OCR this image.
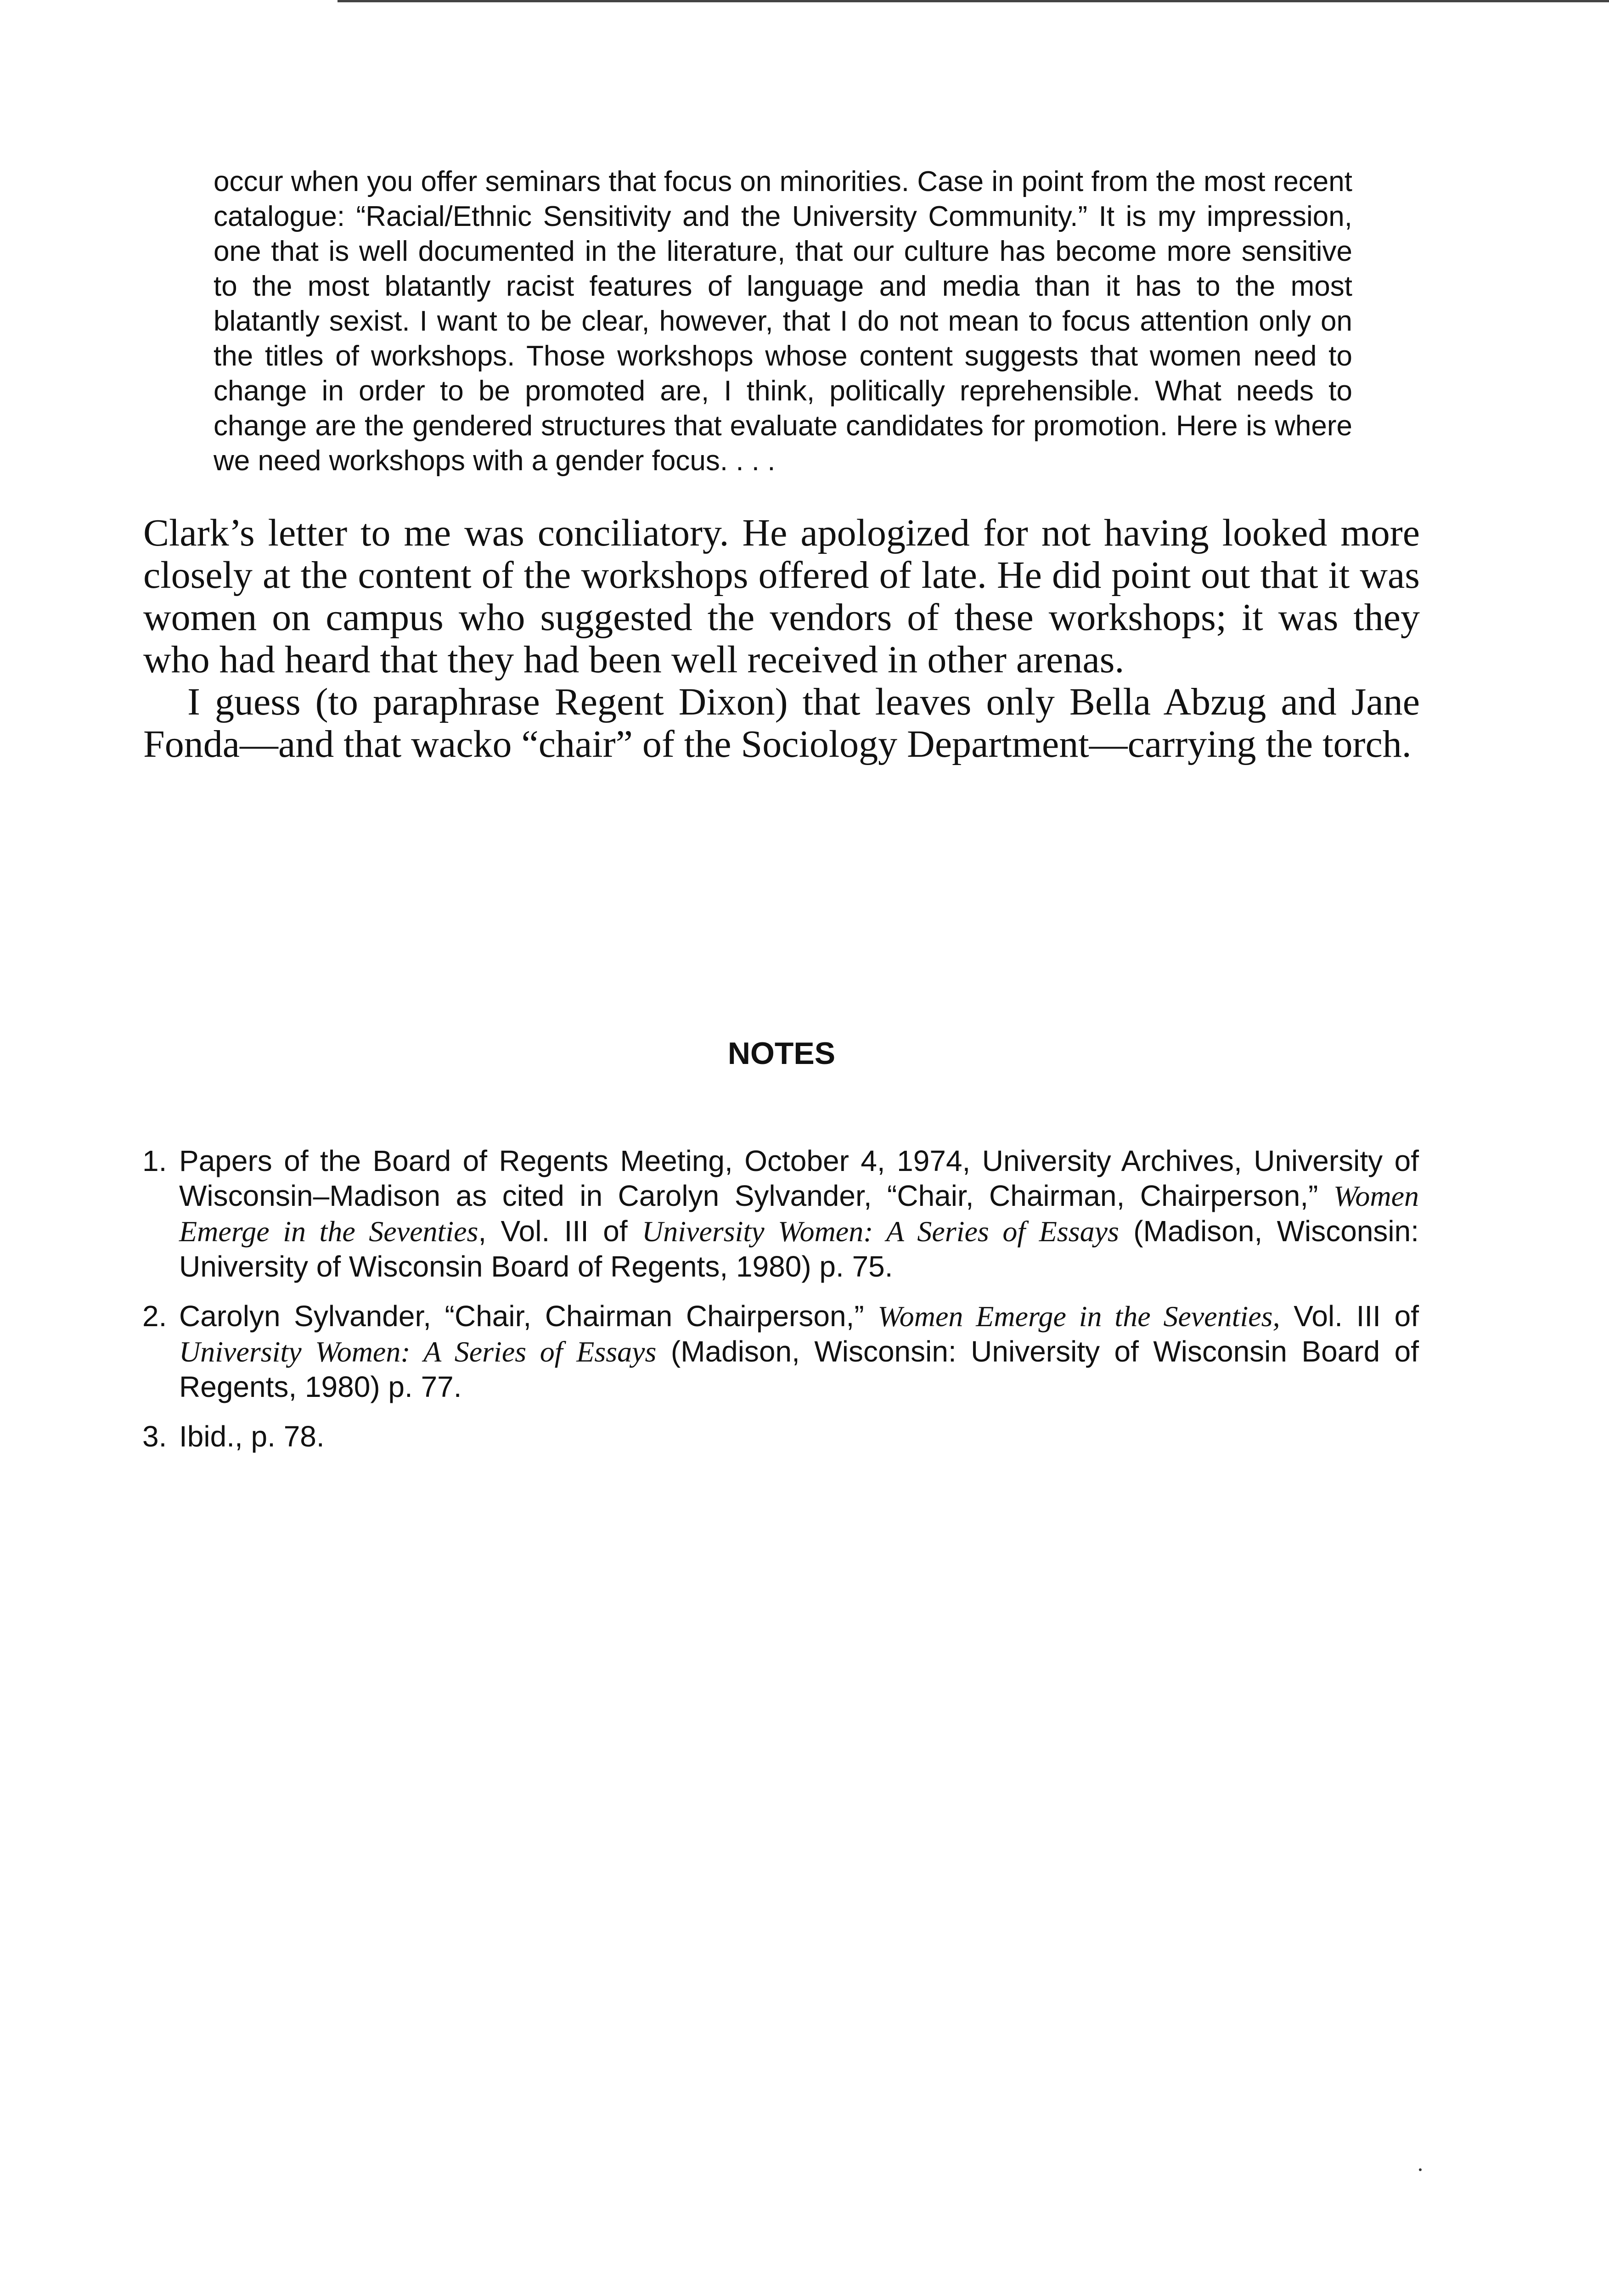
occur when you offer seminars that focus on minorities. Case in point from the most recent catalogue: “Racial/Ethnic Sensitivity and the University Community.” It is my impression, one that is well documented in the literature, that our culture has become more sensitive to the most blatantly racist features of language and media than it has to the most blatantly sexist. I want to be clear, however, that I do not mean to focus attention only on the titles of workshops. Those workshops whose content suggests that women need to change in order to be promoted are, I think, politically reprehensible. What needs to change are the gendered structures that evaluate candidates for promotion. Here is where we need workshops with a gender focus. . . .

Clark’s letter to me was conciliatory. He apologized for not having looked more closely at the content of the workshops offered of late. He did point out that it was women on campus who suggested the vendors of these workshops; it was they who had heard that they had been well received in other arenas.

I guess (to paraphrase Regent Dixon) that leaves only Bella Abzug and Jane Fonda—and that wacko “chair” of the Sociology Department—carrying the torch.

NOTES
1. Papers of the Board of Regents Meeting, October 4, 1974, University Archives, University of Wisconsin–Madison as cited in Carolyn Sylvander, “Chair, Chairman, Chairperson,” Women Emerge in the Seventies, Vol. III of University Women: A Series of Essays (Madison, Wisconsin: University of Wisconsin Board of Regents, 1980) p. 75.
2. Carolyn Sylvander, “Chair, Chairman Chairperson,” Women Emerge in the Seventies, Vol. III of University Women: A Series of Essays (Madison, Wisconsin: University of Wisconsin Board of Regents, 1980) p. 77.
3. Ibid., p. 78.
